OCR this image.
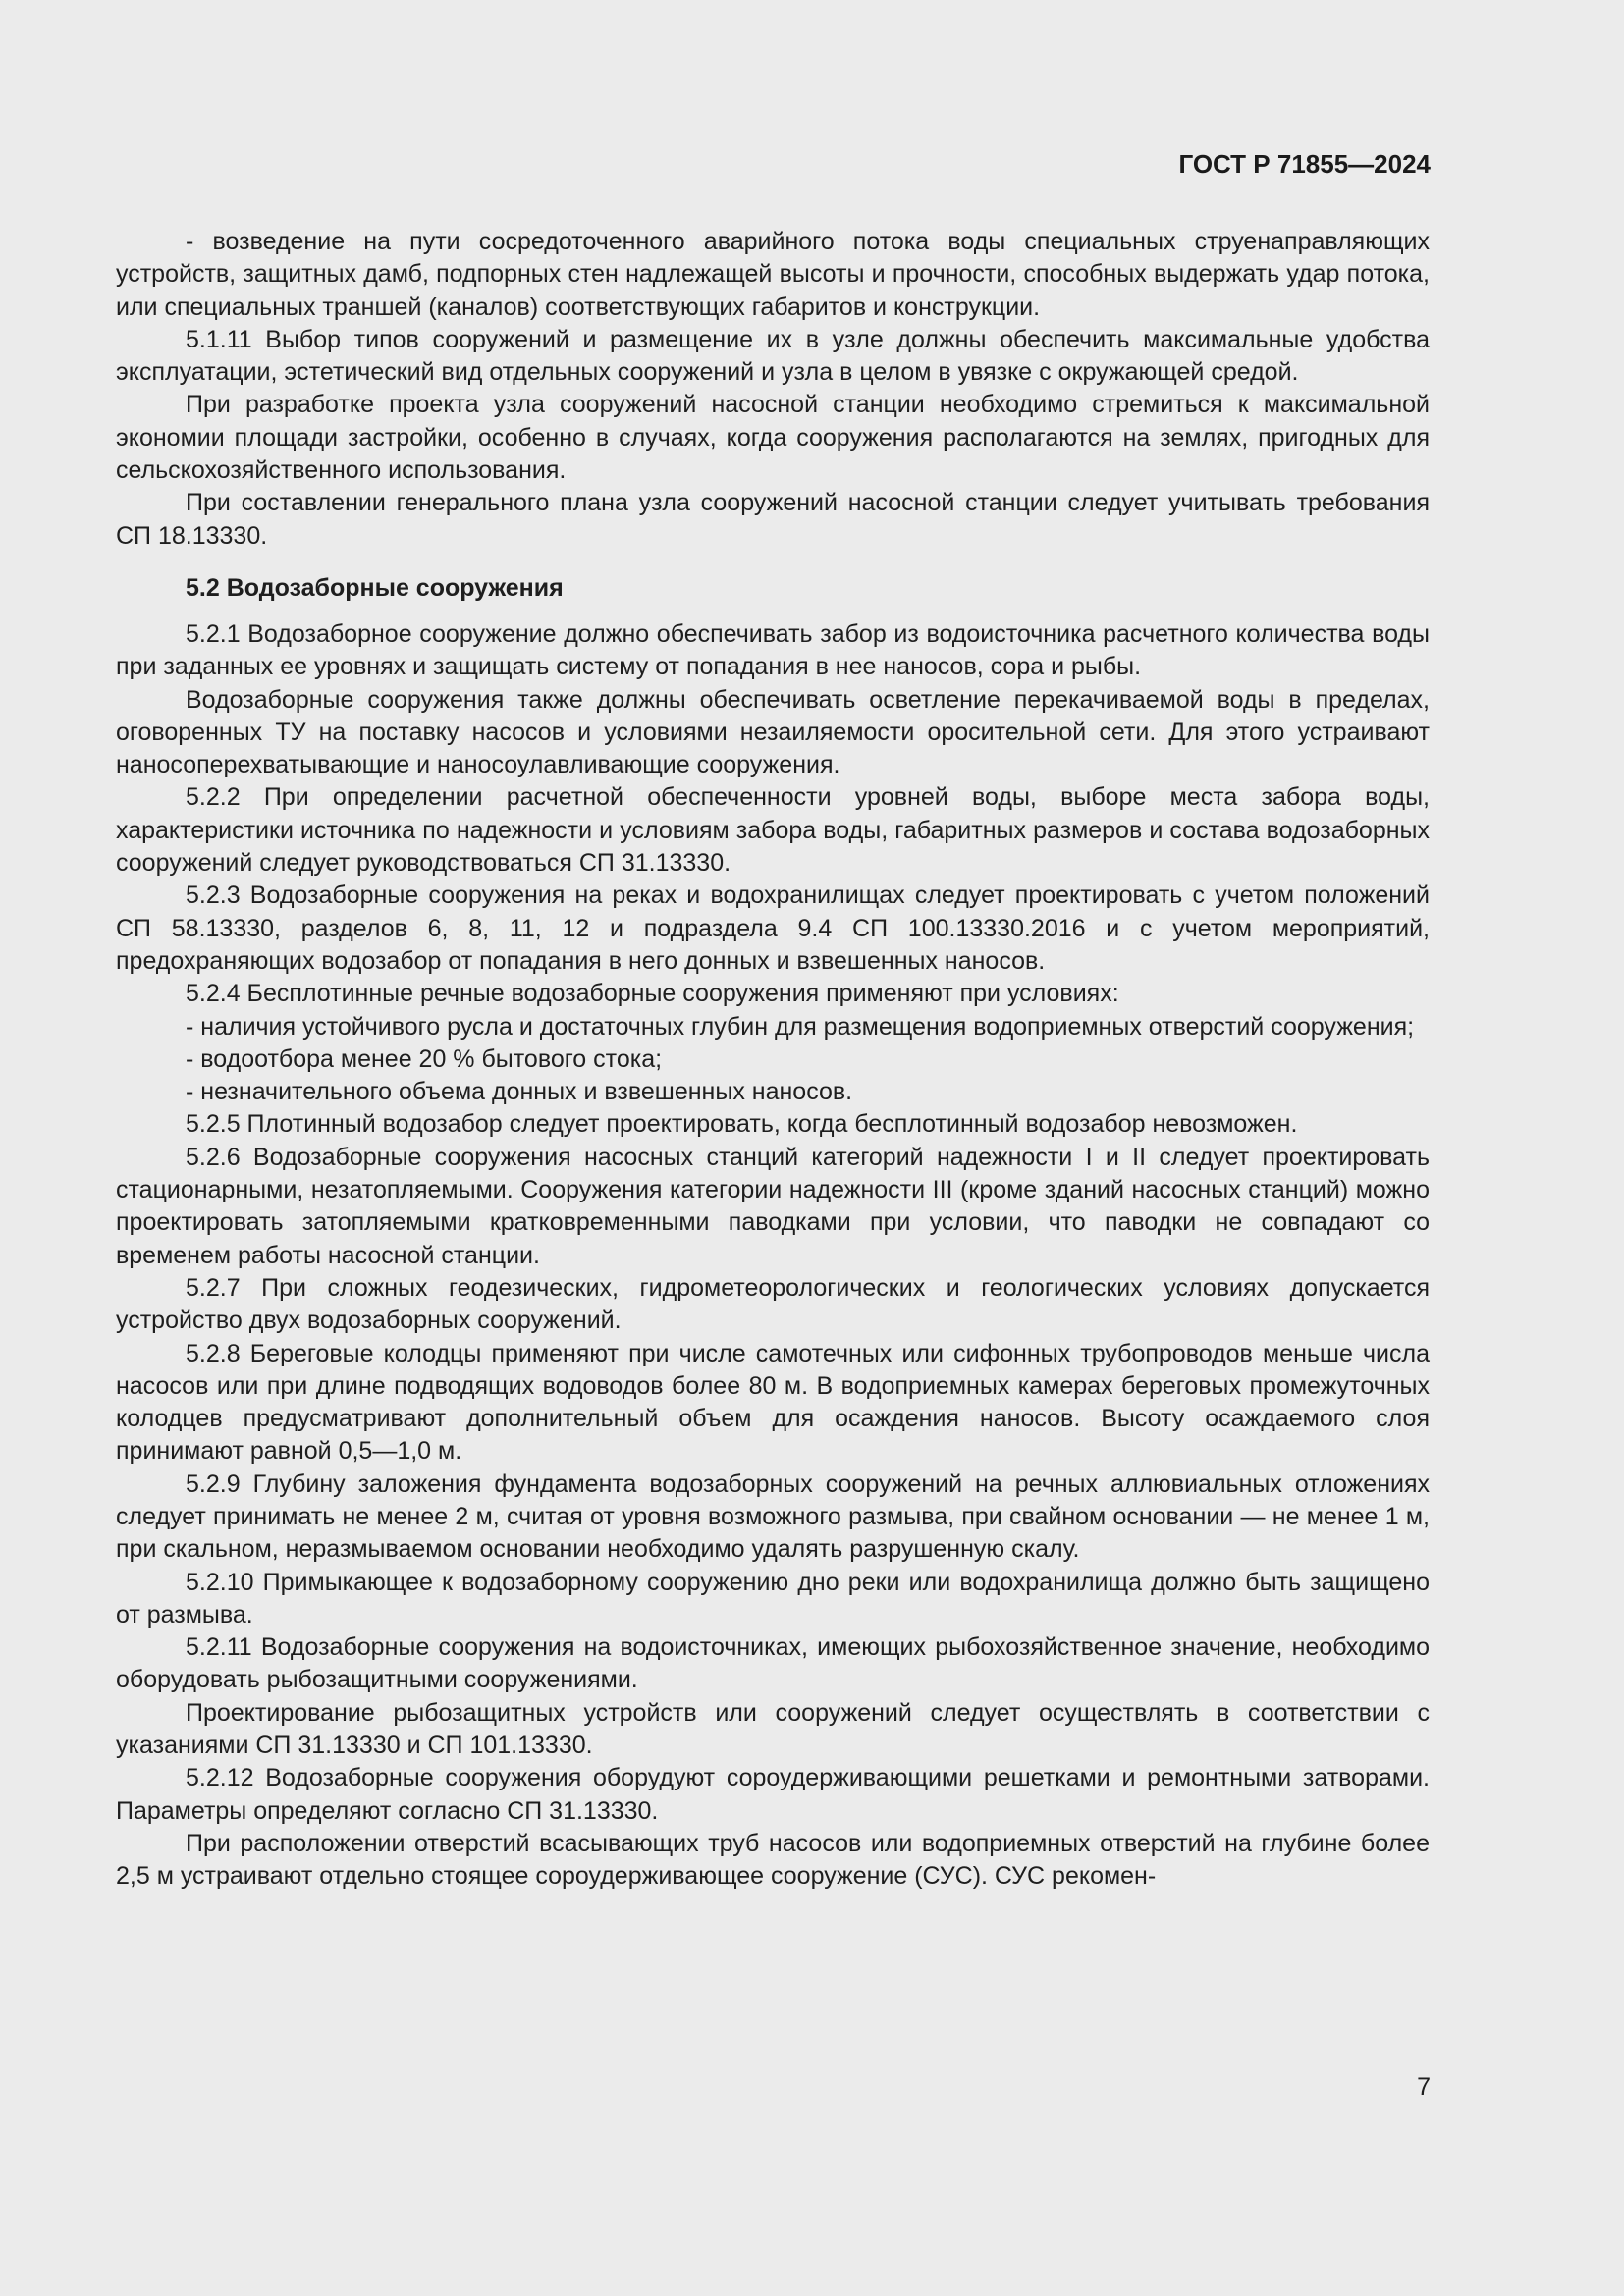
ГОСТ Р 71855—2024

- возведение на пути сосредоточенного аварийного потока воды специальных струенаправляющих устройств, защитных дамб, подпорных стен надлежащей высоты и прочности, способных выдержать удар потока, или специальных траншей (каналов) соответствующих габаритов и конструкции.

5.1.11 Выбор типов сооружений и размещение их в узле должны обеспечить максимальные удобства эксплуатации, эстетический вид отдельных сооружений и узла в целом в увязке с окружающей средой.

При разработке проекта узла сооружений насосной станции необходимо стремиться к максимальной экономии площади застройки, особенно в случаях, когда сооружения располагаются на землях, пригодных для сельскохозяйственного использования.

При составлении генерального плана узла сооружений насосной станции следует учитывать требования СП 18.13330.

5.2 Водозаборные сооружения

5.2.1 Водозаборное сооружение должно обеспечивать забор из водоисточника расчетного количества воды при заданных ее уровнях и защищать систему от попадания в нее наносов, сора и рыбы.

Водозаборные сооружения также должны обеспечивать осветление перекачиваемой воды в пределах, оговоренных ТУ на поставку насосов и условиями незаиляемости оросительной сети. Для этого устраивают наносоперехватывающие и наносоулавливающие сооружения.

5.2.2 При определении расчетной обеспеченности уровней воды, выборе места забора воды, характеристики источника по надежности и условиям забора воды, габаритных размеров и состава водозаборных сооружений следует руководствоваться СП 31.13330.

5.2.3 Водозаборные сооружения на реках и водохранилищах следует проектировать с учетом положений СП 58.13330, разделов 6, 8, 11, 12 и подраздела 9.4 СП 100.13330.2016 и с учетом мероприятий, предохраняющих водозабор от попадания в него донных и взвешенных наносов.

5.2.4 Бесплотинные речные водозаборные сооружения применяют при условиях:

- наличия устойчивого русла и достаточных глубин для размещения водоприемных отверстий сооружения;

- водоотбора менее 20 % бытового стока;

- незначительного объема донных и взвешенных наносов.

5.2.5 Плотинный водозабор следует проектировать, когда бесплотинный водозабор невозможен.

5.2.6 Водозаборные сооружения насосных станций категорий надежности I и II следует проектировать стационарными, незатопляемыми. Сооружения категории надежности III (кроме зданий насосных станций) можно проектировать затопляемыми кратковременными паводками при условии, что паводки не совпадают со временем работы насосной станции.

5.2.7 При сложных геодезических, гидрометеорологических и геологических условиях допускается устройство двух водозаборных сооружений.

5.2.8 Береговые колодцы применяют при числе самотечных или сифонных трубопроводов меньше числа насосов или при длине подводящих водоводов более 80 м. В водоприемных камерах береговых промежуточных колодцев предусматривают дополнительный объем для осаждения наносов. Высоту осаждаемого слоя принимают равной 0,5—1,0 м.

5.2.9 Глубину заложения фундамента водозаборных сооружений на речных аллювиальных отложениях следует принимать не менее 2 м, считая от уровня возможного размыва, при свайном основании — не менее 1 м, при скальном, неразмываемом основании необходимо удалять разрушенную скалу.

5.2.10 Примыкающее к водозаборному сооружению дно реки или водохранилища должно быть защищено от размыва.

5.2.11 Водозаборные сооружения на водоисточниках, имеющих рыбохозяйственное значение, необходимо оборудовать рыбозащитными сооружениями.

Проектирование рыбозащитных устройств или сооружений следует осуществлять в соответствии с указаниями СП 31.13330 и СП 101.13330.

5.2.12 Водозаборные сооружения оборудуют сороудерживающими решетками и ремонтными затворами. Параметры определяют согласно СП 31.13330.

При расположении отверстий всасывающих труб насосов или водоприемных отверстий на глубине более 2,5 м устраивают отдельно стоящее сороудерживающее сооружение (СУС). СУС рекомен-

7
